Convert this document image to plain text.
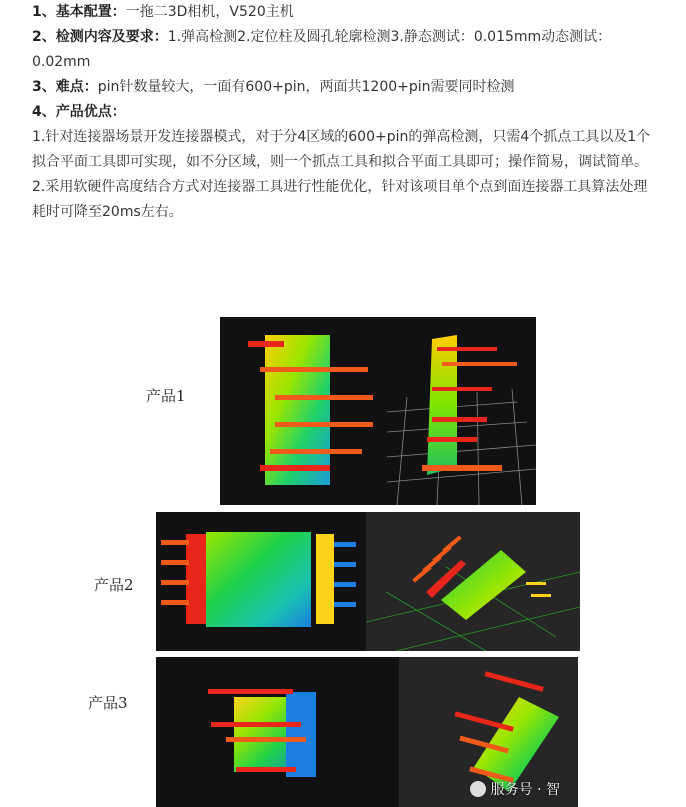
1、基本配置：一拖二3D相机，V520主机

2、检测内容及要求：1.弹高检测2.定位柱及圆孔轮廓检测3.静态测试：0.015mm动态测试：0.02mm

3、难点：pin针数量较大，一面有600+pin，两面共1200+pin需要同时检测

4、产品优点：

1.针对连接器场景开发连接器模式，对于分4区域的600+pin的弹高检测，只需4个抓点工具以及1个拟合平面工具即可实现，如不分区域，则一个抓点工具和拟合平面工具即可；操作简易，调试简单。

2.采用软硬件高度结合方式对连接器工具进行性能优化，针对该项目单个点到面连接器工具算法处理耗时可降至20ms左右。

产品1
产品2
产品3
服务号 · 智
